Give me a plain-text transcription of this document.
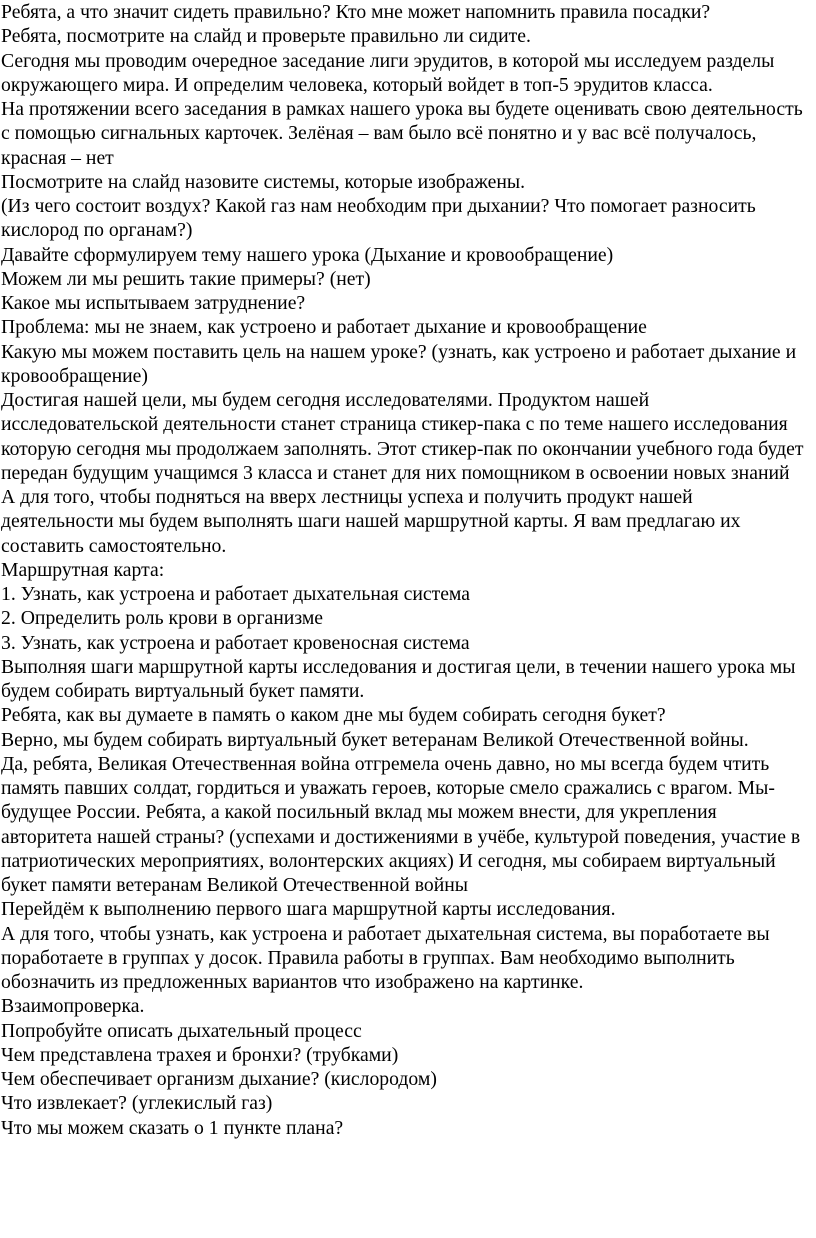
Ребята, а что значит сидеть правильно? Кто мне может напомнить правила посадки?

Ребята, посмотрите на слайд и проверьте правильно ли сидите.

Сегодня мы проводим очередное заседание лиги эрудитов, в которой мы исследуем разделы окружающего мира. И определим человека, который войдет в топ-5 эрудитов класса.

На протяжении всего заседания в рамках нашего урока вы будете оценивать свою деятельность с помощью сигнальных карточек. Зелёная – вам было всё понятно и у вас всё получалось, красная – нет

Посмотрите на слайд назовите системы, которые изображены.

(Из чего состоит воздух? Какой газ нам необходим при дыхании? Что помогает разносить кислород по органам?)

Давайте сформулируем тему нашего урока (Дыхание и кровообращение)

Можем ли мы решить такие примеры? (нет)

Какое мы испытываем затруднение?

Проблема: мы не знаем, как устроено и работает дыхание и кровообращение

Какую мы можем поставить цель на нашем уроке? (узнать, как устроено и работает дыхание и кровообращение)

Достигая нашей цели, мы будем сегодня исследователями. Продуктом нашей исследовательской деятельности станет страница стикер-пака с по теме нашего исследования которую сегодня мы продолжаем заполнять. Этот стикер-пак по окончании учебного года будет передан будущим учащимся 3 класса и станет для них помощником в освоении новых знаний

А для того, чтобы подняться на вверх лестницы успеха и получить продукт нашей деятельности мы будем выполнять шаги нашей маршрутной карты. Я вам предлагаю их составить самостоятельно.

Маршрутная карта:

1. Узнать, как устроена и работает дыхательная система

2. Определить роль крови в организме

3. Узнать, как устроена и работает кровеносная система

Выполняя шаги маршрутной карты исследования и достигая цели, в течении нашего урока мы будем собирать виртуальный букет памяти.

Ребята, как вы думаете в память о каком дне мы будем собирать сегодня букет?

Верно, мы будем собирать виртуальный букет ветеранам Великой Отечественной войны.

Да, ребята, Великая Отечественная война отгремела очень давно, но мы всегда будем чтить память павших солдат, гордиться и уважать героев, которые смело сражались с врагом. Мы-будущее России. Ребята, а какой посильный вклад мы можем внести, для укрепления авторитета нашей страны? (успехами и достижениями в учёбе, культурой поведения, участие в патриотических мероприятиях, волонтерских акциях) И сегодня, мы собираем виртуальный букет памяти ветеранам Великой Отечественной войны

Перейдём к выполнению первого шага маршрутной карты исследования.

А для того, чтобы узнать, как устроена и работает дыхательная система, вы поработаете вы поработаете в группах у досок. Правила работы в группах. Вам необходимо выполнить обозначить из предложенных вариантов что изображено на картинке.

Взаимопроверка.

Попробуйте описать дыхательный процесс

Чем представлена трахея и бронхи? (трубками)

Чем обеспечивает организм дыхание? (кислородом)

Что извлекает? (углекислый газ)

Что мы можем сказать о 1 пункте плана?
